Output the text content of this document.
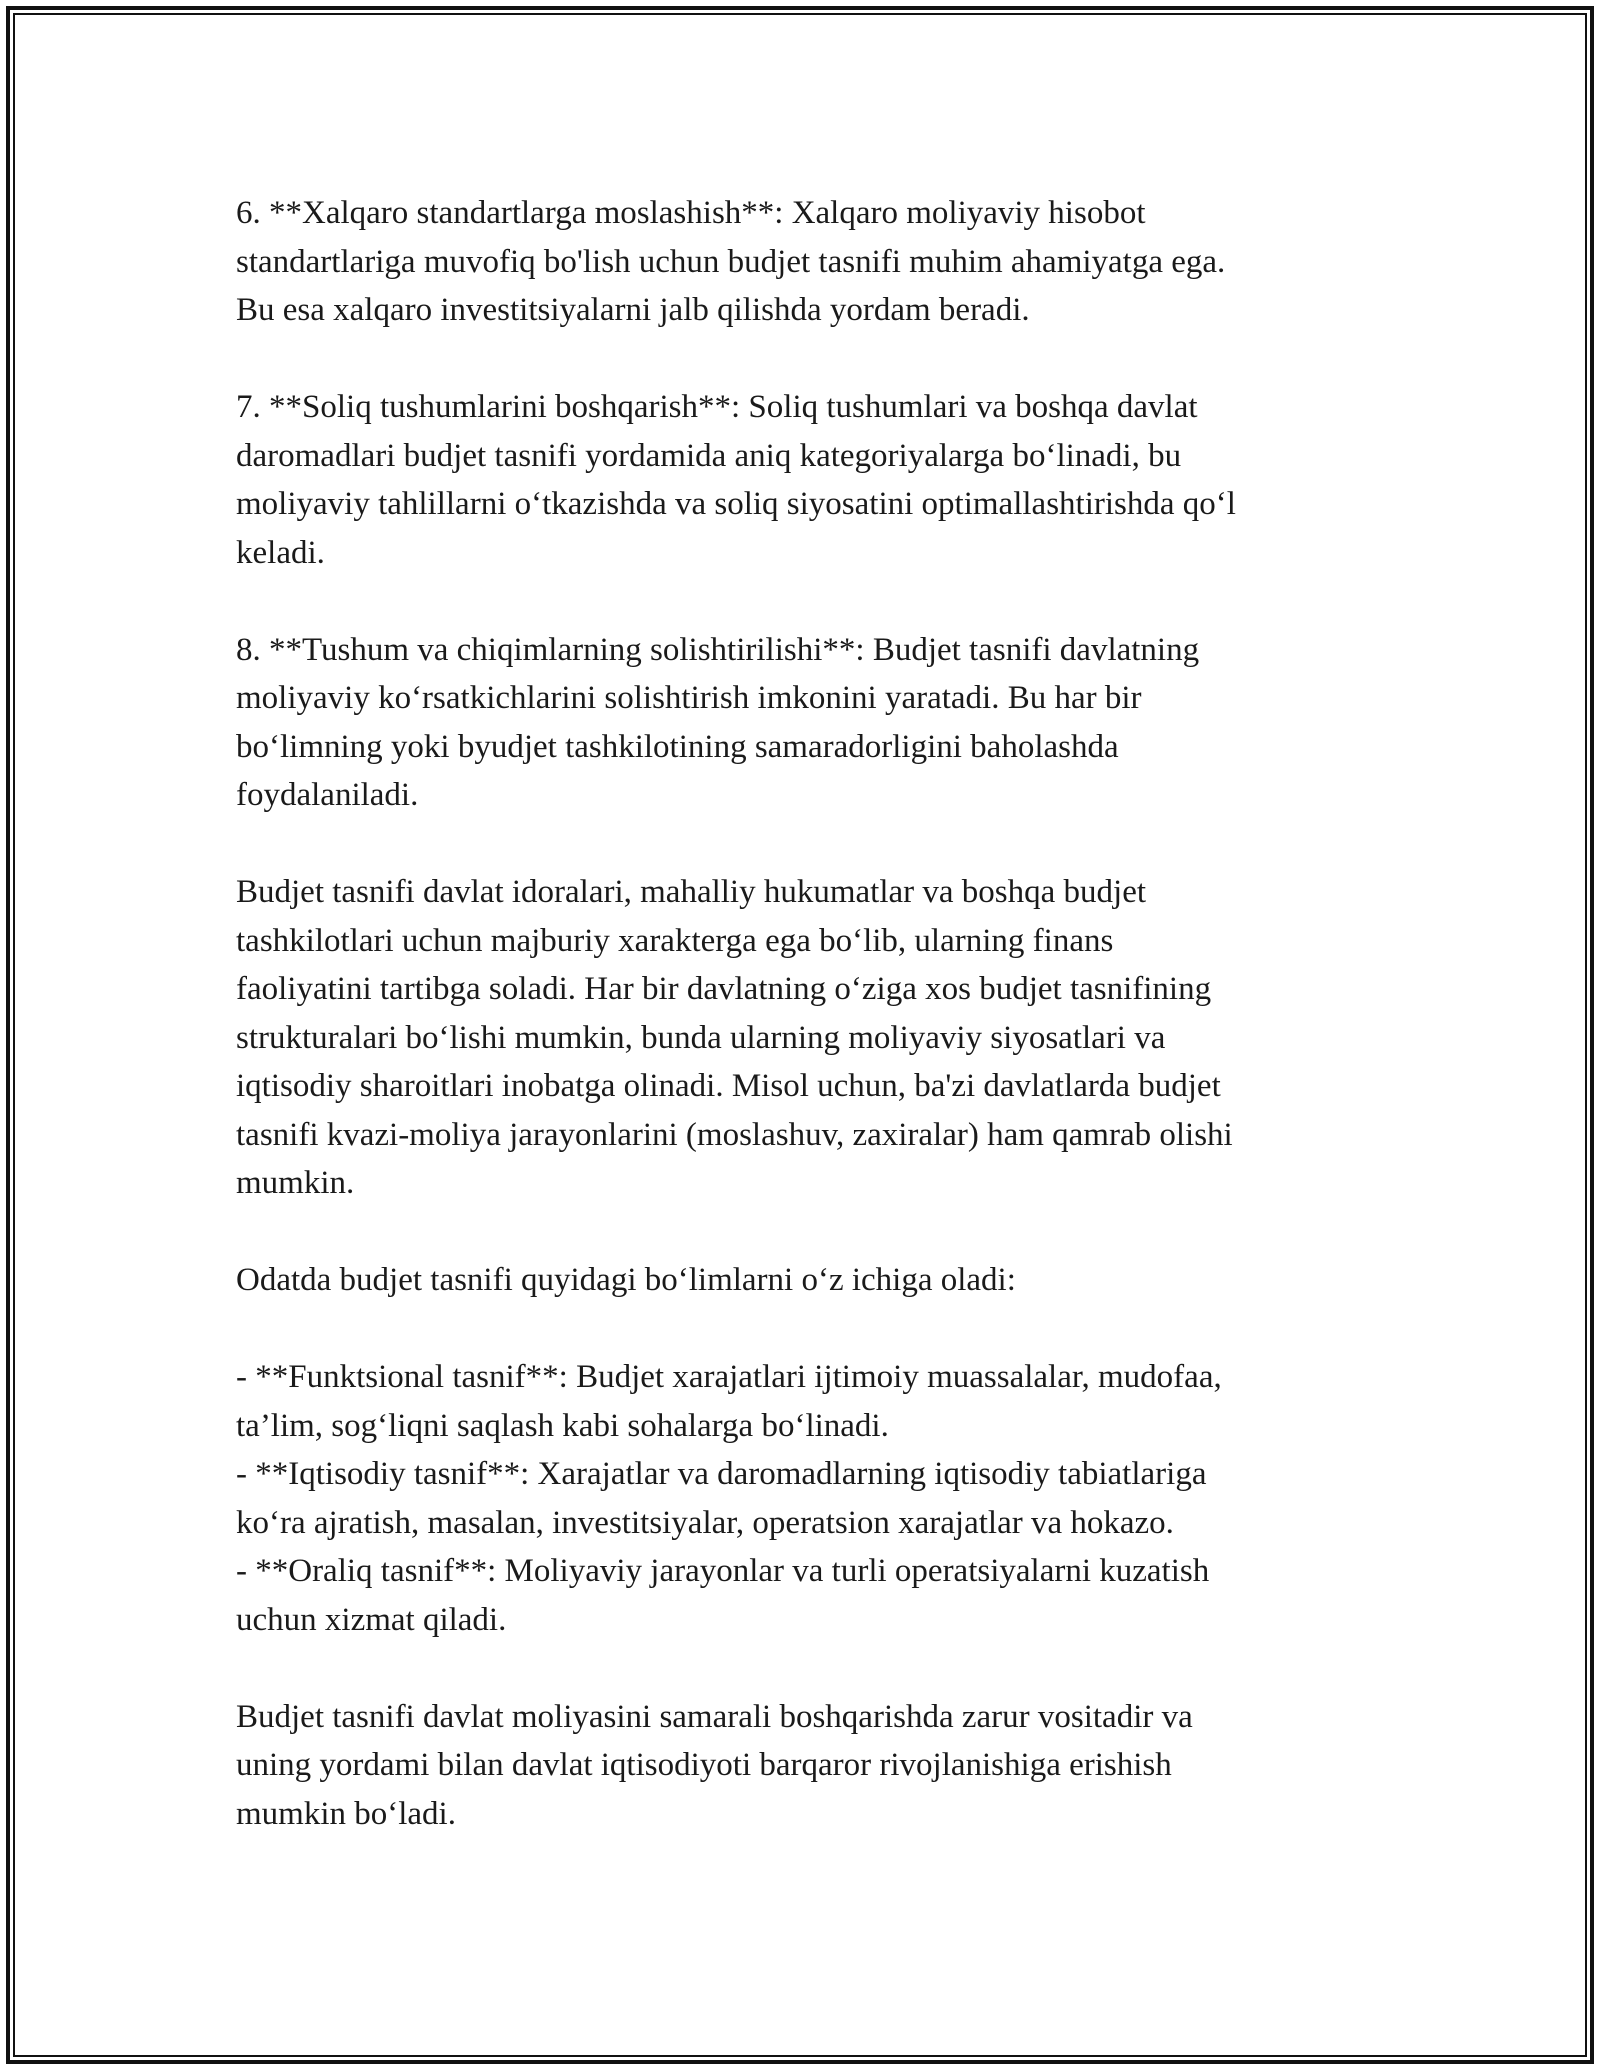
6. **Xalqaro standartlarga moslashish**: Xalqaro moliyaviy hisobot
standartlariga muvofiq bo'lish uchun budjet tasnifi muhim ahamiyatga ega.
Bu esa xalqaro investitsiyalarni jalb qilishda yordam beradi.

7. **Soliq tushumlarini boshqarish**: Soliq tushumlari va boshqa davlat
daromadlari budjet tasnifi yordamida aniq kategoriyalarga bo‘linadi, bu
moliyaviy tahlillarni o‘tkazishda va soliq siyosatini optimallashtirishda qo‘l
keladi.

8. **Tushum va chiqimlarning solishtirilishi**: Budjet tasnifi davlatning
moliyaviy ko‘rsatkichlarini solishtirish imkonini yaratadi. Bu har bir
bo‘limning yoki byudjet tashkilotining samaradorligini baholashda
foydalaniladi.

Budjet tasnifi davlat idoralari, mahalliy hukumatlar va boshqa budjet
tashkilotlari uchun majburiy xarakterga ega bo‘lib, ularning finans
faoliyatini tartibga soladi. Har bir davlatning o‘ziga xos budjet tasnifining
strukturalari bo‘lishi mumkin, bunda ularning moliyaviy siyosatlari va
iqtisodiy sharoitlari inobatga olinadi. Misol uchun, ba'zi davlatlarda budjet
tasnifi kvazi-moliya jarayonlarini (moslashuv, zaxiralar) ham qamrab olishi
mumkin.

Odatda budjet tasnifi quyidagi bo‘limlarni o‘z ichiga oladi:

- **Funktsional tasnif**: Budjet xarajatlari ijtimoiy muassalalar, mudofaa,
ta’lim, sog‘liqni saqlash kabi sohalarga bo‘linadi.
- **Iqtisodiy tasnif**: Xarajatlar va daromadlarning iqtisodiy tabiatlariga
ko‘ra ajratish, masalan, investitsiyalar, operatsion xarajatlar va hokazo.
- **Oraliq tasnif**: Moliyaviy jarayonlar va turli operatsiyalarni kuzatish
uchun xizmat qiladi.

Budjet tasnifi davlat moliyasini samarali boshqarishda zarur vositadir va
uning yordami bilan davlat iqtisodiyoti barqaror rivojlanishiga erishish
mumkin bo‘ladi.
